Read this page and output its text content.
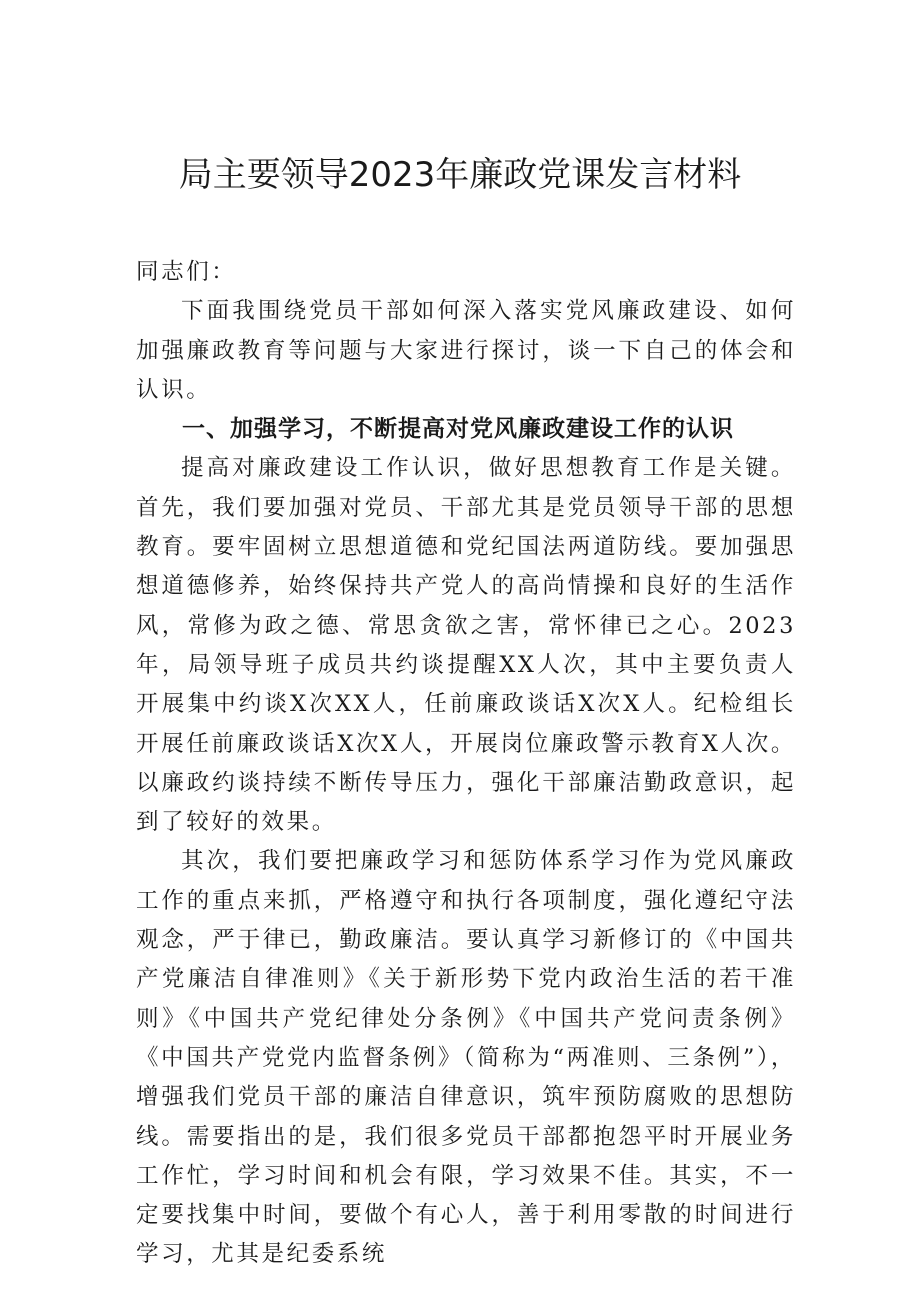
局主要领导2023年廉政党课发言材料

同志们：

下面我围绕党员干部如何深入落实党风廉政建设、如何加强廉政教育等问题与大家进行探讨，谈一下自己的体会和认识。

一、加强学习，不断提高对党风廉政建设工作的认识

提高对廉政建设工作认识，做好思想教育工作是关键。首先，我们要加强对党员、干部尤其是党员领导干部的思想教育。要牢固树立思想道德和党纪国法两道防线。要加强思想道德修养，始终保持共产党人的高尚情操和良好的生活作风，常修为政之德、常思贪欲之害，常怀律已之心。2023年，局领导班子成员共约谈提醒XX人次，其中主要负责人开展集中约谈X次XX人，任前廉政谈话X次X人。纪检组长开展任前廉政谈话X次X人，开展岗位廉政警示教育X人次。以廉政约谈持续不断传导压力，强化干部廉洁勤政意识，起到了较好的效果。

其次，我们要把廉政学习和惩防体系学习作为党风廉政工作的重点来抓，严格遵守和执行各项制度，强化遵纪守法观念，严于律已，勤政廉洁。要认真学习新修订的《中国共产党廉洁自律准则》《关于新形势下党内政治生活的若干准则》《中国共产党纪律处分条例》《中国共产党问责条例》《中国共产党党内监督条例》（简称为“两准则、三条例”），增强我们党员干部的廉洁自律意识，筑牢预防腐败的思想防线。需要指出的是，我们很多党员干部都抱怨平时开展业务工作忙，学习时间和机会有限，学习效果不佳。其实，不一定要找集中时间，要做个有心人，善于利用零散的时间进行学习，尤其是纪委系统
